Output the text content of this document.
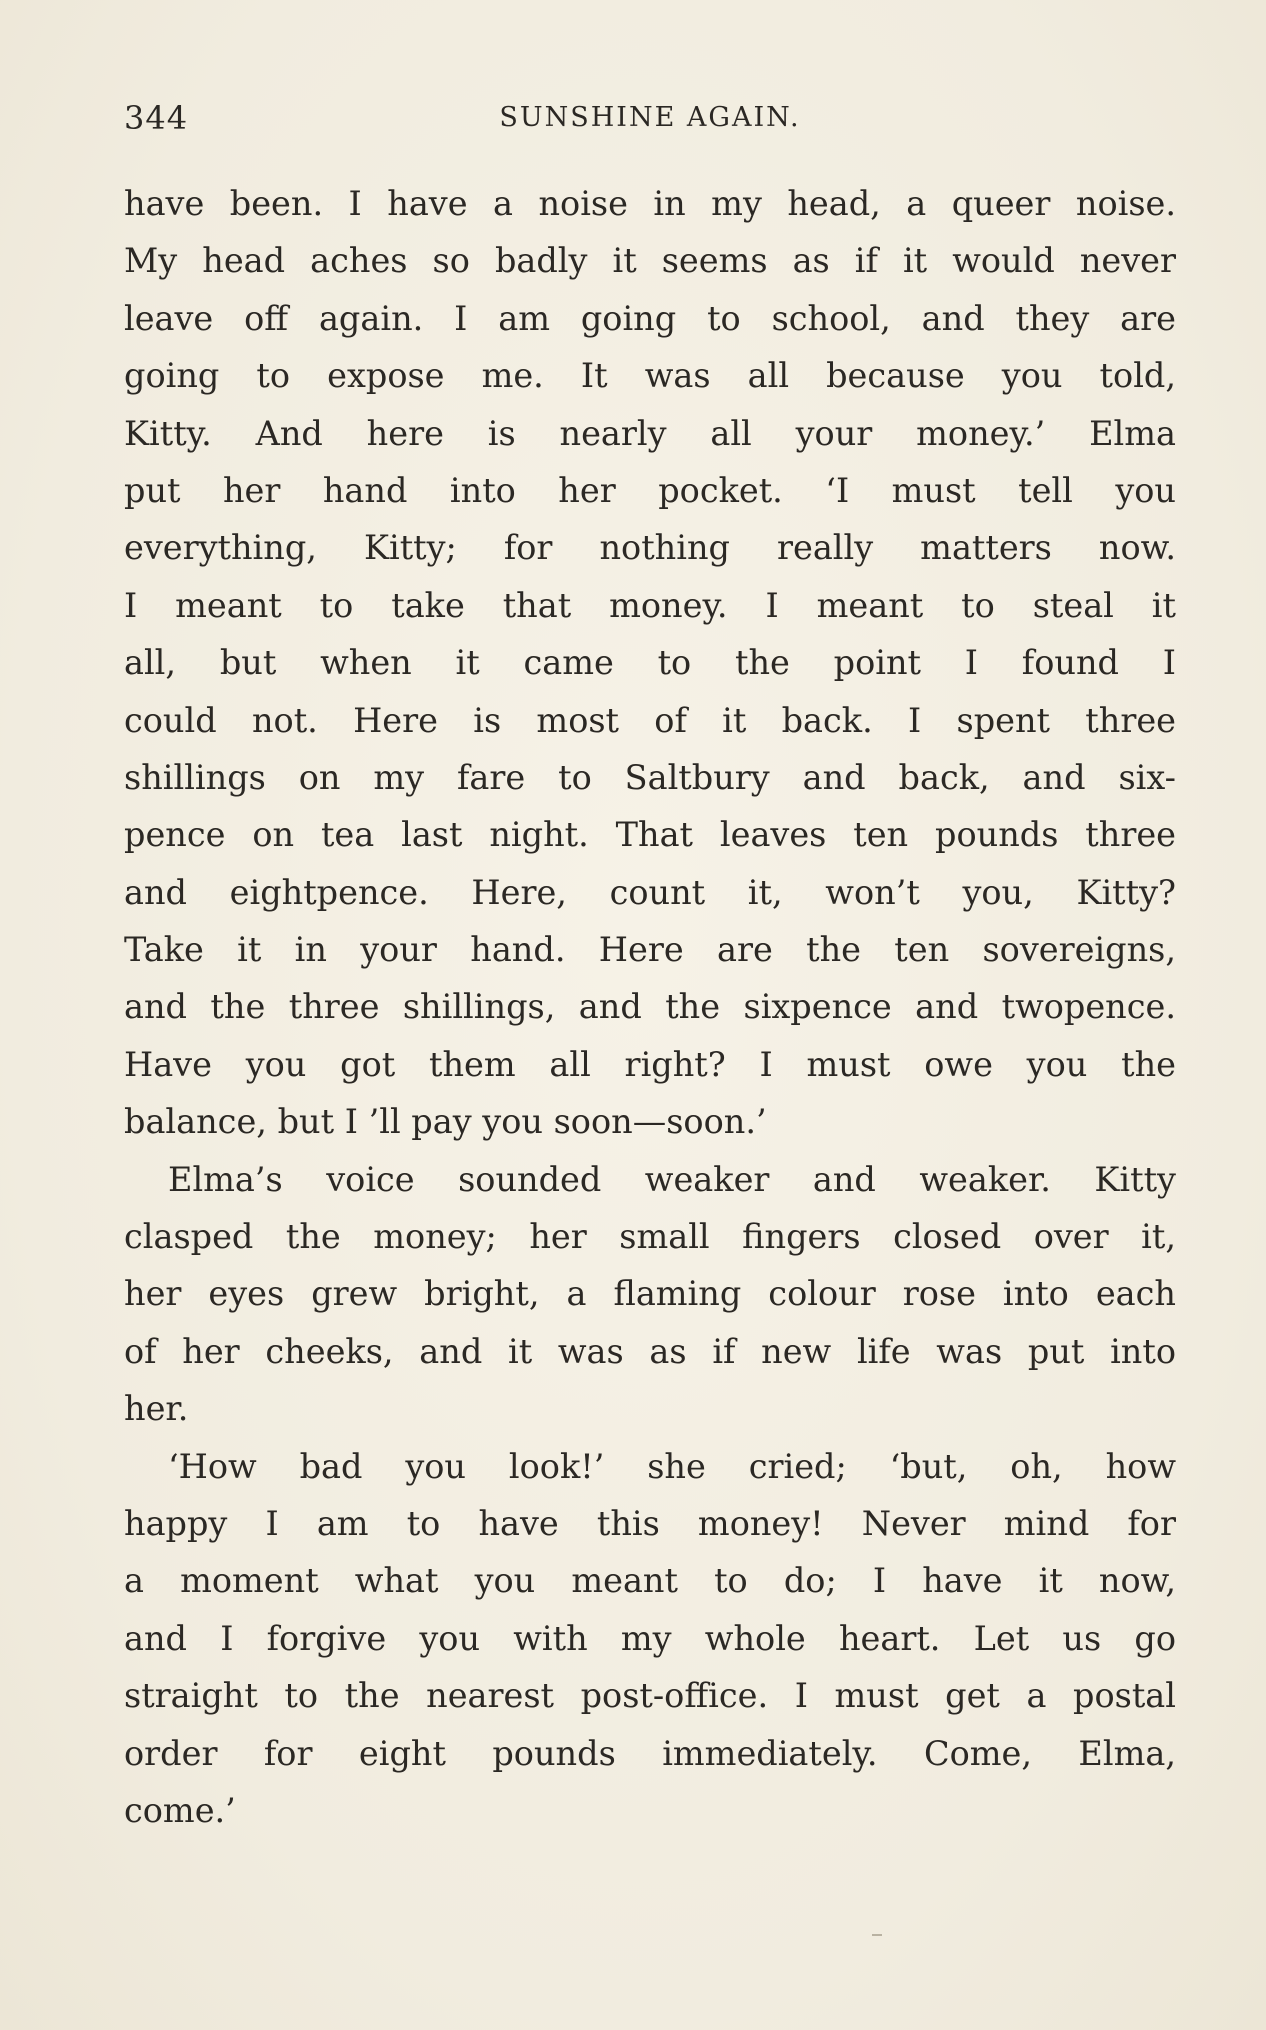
344	SUNSHINE AGAIN.
have been. I have a noise in my head, a queer noise.
My head aches so badly it seems as if it would never
leave off again. I am going to school, and they are
going to expose me. It was all because you told,
Kitty. And here is nearly all your money.’ Elma
put her hand into her pocket. ‘I must tell you
everything, Kitty; for nothing really matters now.
I meant to take that money. I meant to steal it
all, but when it came to the point I found I
could not. Here is most of it back. I spent three
shillings on my fare to Saltbury and back, and six-
pence on tea last night. That leaves ten pounds three
and eightpence. Here, count it, won’t you, Kitty?
Take it in your hand. Here are the ten sovereigns,
and the three shillings, and the sixpence and twopence.
Have you got them all right? I must owe you the
balance, but I ’ll pay you soon—soon.’
Elma’s voice sounded weaker and weaker. Kitty
clasped the money; her small fingers closed over it,
her eyes grew bright, a flaming colour rose into each
of her cheeks, and it was as if new life was put into
her.
‘How bad you look!’ she cried; ‘but, oh, how
happy I am to have this money! Never mind for
a moment what you meant to do; I have it now,
and I forgive you with my whole heart. Let us go
straight to the nearest post-office. I must get a postal
order for eight pounds immediately. Come, Elma,
come.’
